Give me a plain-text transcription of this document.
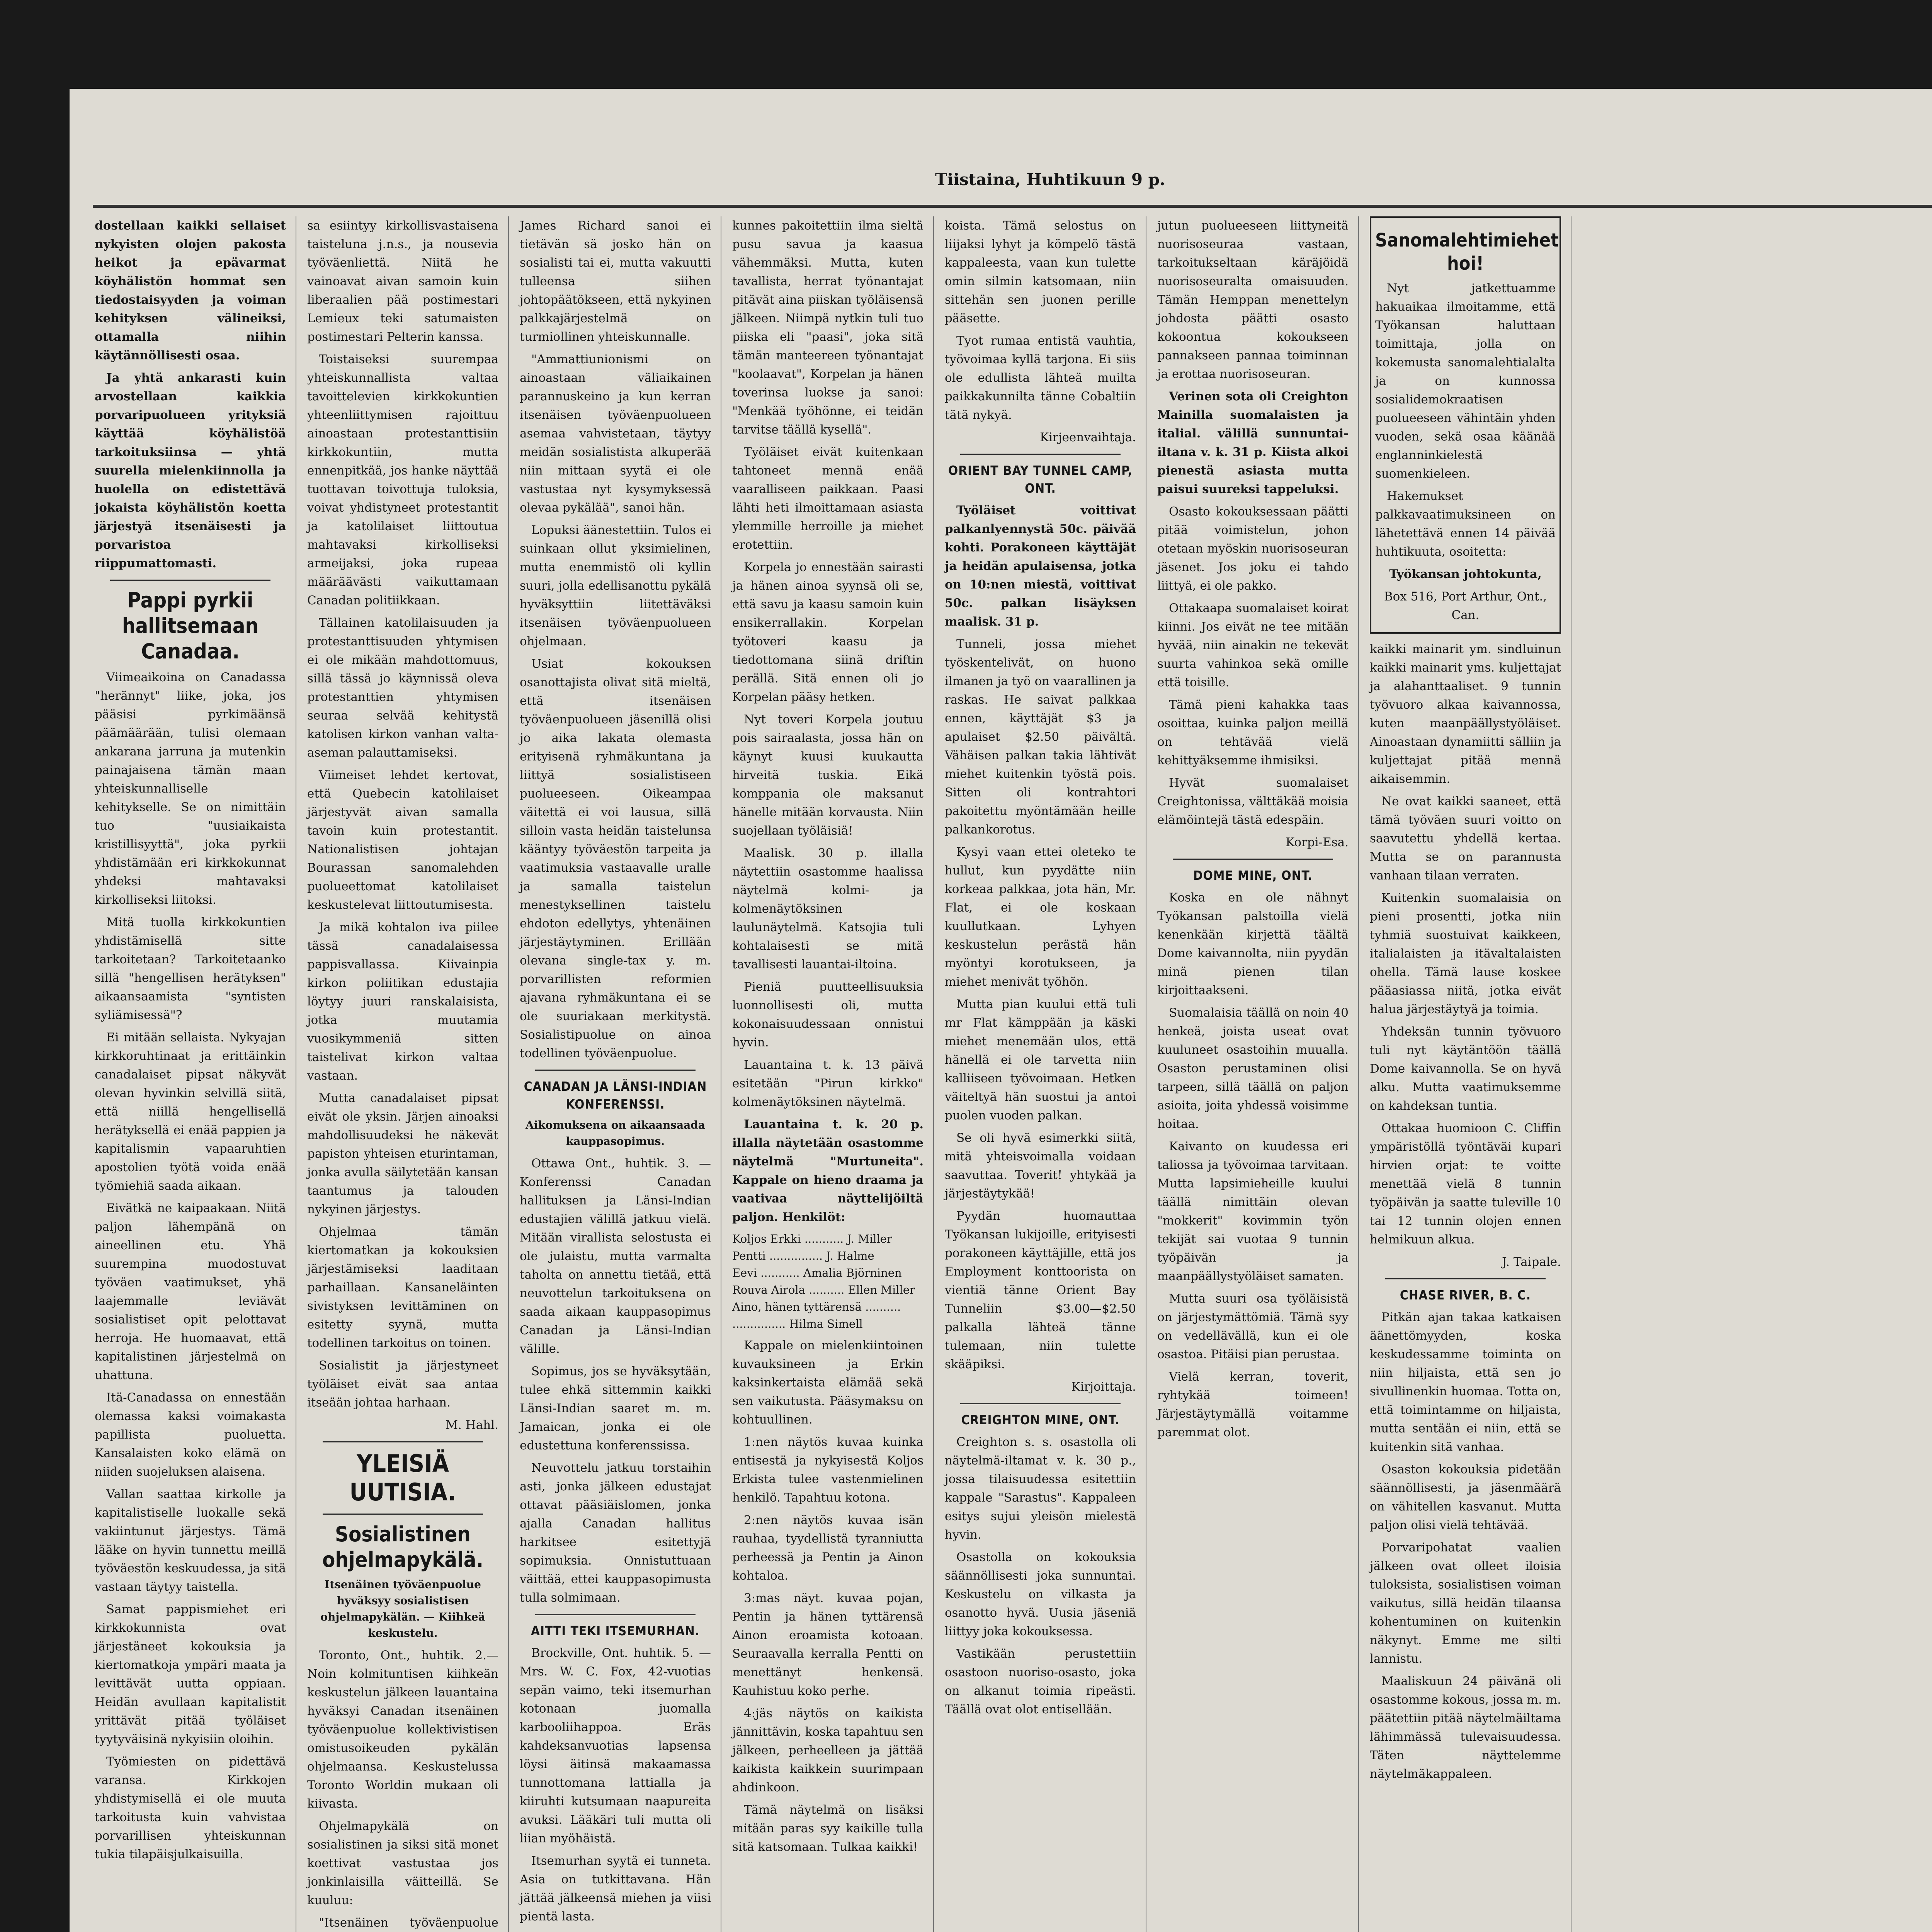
Tiistaina, Huhtikuun 9 p.

dostellaan kaikki sellaiset nykyisten olojen pakosta heikot ja epävarmat köyhälistön hommat sen tiedostaisyyden ja voiman kehityksen välineiksi, ottamalla niihin käytännöllisesti osaa.

Ja yhtä ankarasti kuin arvostellaan kaikkia porvaripuolueen yrityksiä käyttää köyhälistöä tarkoituksiinsa — yhtä suurella mielenkiinnolla ja huolella on edistettävä jokaista köyhälistön koetta järjestyä itsenäisesti ja porvaristoa riippumattomasti.

Pappi pyrkii hallitsemaan Canadaa.

Viimeaikoina on Canadassa "herännyt" liike, joka, jos pääsisi pyrkimäänsä päämäärään, tulisi olemaan ankarana jarruna ja mutenkin painajaisena tämän maan yhteiskunnalliselle kehitykselle. Se on nimittäin tuo "uusiaikaista kristillisyyttä", joka pyrkii yhdistämään eri kirkkokunnat yhdeksi mahtavaksi kirkolliseksi liitoksi.

Mitä tuolla kirkkokuntien yhdistämisellä sitte tarkoitetaan? Tarkoitetaanko sillä "hengellisen herätyksen" aikaansaamista "syntisten syliämisessä"?

Ei mitään sellaista. Nykyajan kirkkoruhtinaat ja erittäinkin canadalaiset pipsat näkyvät olevan hyvinkin selvillä siitä, että niillä hengellisellä herätyksellä ei enää pappien ja kapitalismin vapaaruhtien apostolien työtä voida enää työmiehiä saada aikaan.

Eivätkä ne kaipaakaan. Niitä paljon lähempänä on aineellinen etu. Yhä suurempina muodostuvat työväen vaatimukset, yhä laajemmalle leviävät sosialistiset opit pelottavat herroja. He huomaavat, että kapitalistinen järjestelmä on uhattuna.

Itä-Canadassa on ennestään olemassa kaksi voimakasta papillista puoluetta. Kansalaisten koko elämä on niiden suojeluksen alaisena.

Vallan saattaa kirkolle ja kapitalistiselle luokalle sekä vakiintunut järjestys. Tämä lääke on hyvin tunnettu meillä työväestön keskuudessa, ja sitä vastaan täytyy taistella.

Samat pappismiehet eri kirkkokunnista ovat järjestäneet kokouksia ja kiertomatkoja ympäri maata ja levittävät uutta oppiaan. Heidän avullaan kapitalistit yrittävät pitää työläiset tyytyväisinä nykyisiin oloihin.

Työmiesten on pidettävä varansa. Kirkkojen yhdistymisellä ei ole muuta tarkoitusta kuin vahvistaa porvarillisen yhteiskunnan tukia tilapäisjulkaisuilla.

sa esiintyy kirkollisvastaisena taisteluna j.n.s., ja nousevia työväenliettä. Niitä he vainoavat aivan samoin kuin liberaalien pää postimestari Lemieux teki satumaisten postimestari Pelterin kanssa.

Toistaiseksi suurempaa yhteiskunnallista valtaa tavoittelevien kirkkokuntien yhteenliittymisen rajoittuu ainoastaan protestanttisiin kirkkokuntiin, mutta ennenpitkää, jos hanke näyttää tuottavan toivottuja tuloksia, voivat yhdistyneet protestantit ja katolilaiset liittoutua mahtavaksi kirkolliseksi armeijaksi, joka rupeaa määräävästi vaikuttamaan Canadan politiikkaan.

Tällainen katolilaisuuden ja protestanttisuuden yhtymisen ei ole mikään mahdottomuus, sillä tässä jo käynnissä oleva protestanttien yhtymisen seuraa selvää kehitystä katolisen kirkon vanhan valta-aseman palauttamiseksi.

Viimeiset lehdet kertovat, että Quebecin katolilaiset järjestyvät aivan samalla tavoin kuin protestantit. Nationalistisen johtajan Bourassan sanomalehden puolueettomat katolilaiset keskustelevat liittoutumisesta.

Ja mikä kohtalon iva piilee tässä canadalaisessa pappisvallassa. Kiivainpia kirkon poliitikan edustajia löytyy juuri ranskalaisista, jotka muutamia vuosikymmeniä sitten taistelivat kirkon valtaa vastaan.

Mutta canadalaiset pipsat eivät ole yksin. Järjen ainoaksi mahdollisuudeksi he näkevät papiston yhteisen eturintaman, jonka avulla säilytetään kansan taantumus ja talouden nykyinen järjestys.

Ohjelmaa tämän kiertomatkan ja kokouksien järjestämiseksi laaditaan parhaillaan. Kansaneläinten sivistyksen levittäminen on esitetty syynä, mutta todellinen tarkoitus on toinen.

Sosialistit ja järjestyneet työläiset eivät saa antaa itseään johtaa harhaan.

M. Hahl.

YLEISIÄ UUTISIA.
Sosialistinen ohjelmapykälä.
Itsenäinen työväenpuolue hyväksyy sosialistisen ohjelmapykälän. — Kiihkeä keskustelu.

Toronto, Ont., huhtik. 2.—Noin kolmituntisen kiihkeän keskustelun jälkeen lauantaina hyväksyi Canadan itsenäinen työväenpuolue kollektivistisen omistusoikeuden pykälän ohjelmaansa. Keskustelussa Toronto Worldin mukaan oli kiivasta.

Ohjelmapykälä on sosialistinen ja siksi sitä monet koettivat vastustaa jos jonkinlaisilla väitteillä. Se kuuluu:

"Itsenäinen työväenpuolue

James Richard sanoi ei tietävän sä josko hän on sosialisti tai ei, mutta vakuutti tulleensa siihen johtopäätökseen, että nykyinen palkkajärjestelmä on turmiollinen yhteiskunnalle.

"Ammattiunionismi on ainoastaan väliaikainen parannuskeino ja kun kerran itsenäisen työväenpuolueen asemaa vahvistetaan, täytyy meidän sosialistista alkuperää niin mittaan syytä ei ole vastustaa nyt kysymyksessä olevaa pykälää", sanoi hän.

Lopuksi äänestettiin. Tulos ei suinkaan ollut yksimielinen, mutta enemmistö oli kyllin suuri, jolla edellisanottu pykälä hyväksyttiin liitettäväksi itsenäisen työväenpuolueen ohjelmaan.

Usiat kokouksen osanottajista olivat sitä mieltä, että itsenäisen työväenpuolueen jäsenillä olisi jo aika lakata olemasta erityisenä ryhmäkuntana ja liittyä sosialistiseen puolueeseen. Oikeampaa väitettä ei voi lausua, sillä silloin vasta heidän taistelunsa kääntyy työväestön tarpeita ja vaatimuksia vastaavalle uralle ja samalla taistelun menestyksellinen taistelu ehdoton edellytys, yhtenäinen järjestäytyminen. Erillään olevana single-tax y. m. porvarillisten reformien ajavana ryhmäkuntana ei se ole suuriakaan merkitystä. Sosialistipuolue on ainoa todellinen työväenpuolue.

CANADAN JA LÄNSI-INDIAN KONFERENSSI.
Aikomuksena on aikaansaada kauppasopimus.

Ottawa Ont., huhtik. 3. — Konferenssi Canadan hallituksen ja Länsi-Indian edustajien välillä jatkuu vielä. Mitään virallista selostusta ei ole julaistu, mutta varmalta taholta on annettu tietää, että neuvottelun tarkoituksena on saada aikaan kauppasopimus Canadan ja Länsi-Indian välille.

Sopimus, jos se hyväksytään, tulee ehkä sittemmin kaikki Länsi-Indian saaret m. m. Jamaican, jonka ei ole edustettuna konferenssissa.

Neuvottelu jatkuu torstaihin asti, jonka jälkeen edustajat ottavat pääsiäislomen, jonka ajalla Canadan hallitus harkitsee esitettyjä sopimuksia. Onnistuttuaan väittää, ettei kauppasopimusta tulla solmimaan.

AITTI TEKI ITSEMURHAN.

Brockville, Ont. huhtik. 5. — Mrs. W. C. Fox, 42-vuotias sepän vaimo, teki itsemurhan kotonaan juomalla karbooliihappoa. Eräs kahdeksanvuotias lapsensa löysi äitinsä makaamassa tunnottomana lattialla ja kiiruhti kutsumaan naapureita avuksi. Lääkäri tuli mutta oli liian myöhäistä.

Itsemurhan syytä ei tunneta. Asia on tutkittavana. Hän jättää jälkeensä miehen ja viisi pientä lasta.

kunnes pakoitettiin ilma sieltä pusu savua ja kaasua vähemmäksi. Mutta, kuten tavallista, herrat työnantajat pitävät aina piiskan työläisensä jälkeen. Niimpä nytkin tuli tuo piiska eli "paasi", joka sitä tämän manteereen työnantajat "koolaavat", Korpelan ja hänen toverinsa luokse ja sanoi: "Menkää työhönne, ei teidän tarvitse täällä kysellä".

Työläiset eivät kuitenkaan tahtoneet mennä enää vaaralliseen paikkaan. Paasi lähti heti ilmoittamaan asiasta ylemmille herroille ja miehet erotettiin.

Korpela jo ennestään sairasti ja hänen ainoa syynsä oli se, että savu ja kaasu samoin kuin ensikerrallakin. Korpelan työtoveri kaasu ja tiedottomana siinä driftin perällä. Sitä ennen oli jo Korpelan pääsy hetken.

Nyt toveri Korpela joutuu pois sairaalasta, jossa hän on käynyt kuusi kuukautta hirveitä tuskia. Eikä komppania ole maksanut hänelle mitään korvausta. Niin suojellaan työläisiä!

Maalisk. 30 p. illalla näytettiin osastomme haalissa näytelmä kolmi- ja kolmenäytöksinen laulunäytelmä. Katsojia tuli kohtalaisesti se mitä tavallisesti lauantai-iltoina.

Pieniä puutteellisuuksia luonnollisesti oli, mutta kokonaisuudessaan onnistui hyvin.

Lauantaina t. k. 13 päivä esitetään "Pirun kirkko" kolmenäytöksinen näytelmä.

Lauantaina t. k. 20 p. illalla näytetään osastomme näytelmä "Murtuneita". Kappale on hieno draama ja vaativaa näyttelijöiltä paljon. Henkilöt:

Koljos Erkki ........... J. Miller
Pentti ............... J. Halme
Eevi ........... Amalia Björninen
Rouva Airola .......... Ellen Miller
Aino, hänen tyttärensä ..........
............... Hilma Simell

Kappale on mielenkiintoinen kuvauksineen ja Erkin kaksinkertaista elämää sekä sen vaikutusta. Pääsymaksu on kohtuullinen.

1:nen näytös kuvaa kuinka entisestä ja nykyisestä Koljos Erkista tulee vastenmielinen henkilö. Tapahtuu kotona.

2:nen näytös kuvaa isän rauhaa, tyydellistä tyranniutta perheessä ja Pentin ja Ainon kohtaloa.

3:mas näyt. kuvaa pojan, Pentin ja hänen tyttärensä Ainon eroamista kotoaan. Seuraavalla kerralla Pentti on menettänyt henkensä. Kauhistuu koko perhe.

4:jäs näytös on kaikista jännittävin, koska tapahtuu sen jälkeen, perheelleen ja jättää kaikista kaikkein suurimpaan ahdinkoon.

Tämä näytelmä on lisäksi mitään paras syy kaikille tulla sitä katsomaan. Tulkaa kaikki!

koista. Tämä selostus on liijaksi lyhyt ja kömpelö tästä kappaleesta, vaan kun tulette omin silmin katsomaan, niin sittehän sen juonen perille pääsette.

Tyot rumaa entistä vauhtia, työvoimaa kyllä tarjona. Ei siis ole edullista lähteä muilta paikkakunnilta tänne Cobaltiin tätä nykyä.

Kirjeenvaihtaja.

ORIENT BAY TUNNEL CAMP, ONT.

Työläiset voittivat palkanlyennystä 50c. päivää kohti. Porakoneen käyttäjät ja heidän apulaisensa, jotka on 10:nen miestä, voittivat 50c. palkan lisäyksen maalisk. 31 p.

Tunneli, jossa miehet työskentelivät, on huono ilmanen ja työ on vaarallinen ja raskas. He saivat palkkaa ennen, käyttäjät $3 ja apulaiset $2.50 päivältä. Vähäisen palkan takia lähtivät miehet kuitenkin työstä pois. Sitten oli kontrahtori pakoitettu myöntämään heille palkankorotus.

Kysyi vaan ettei oleteko te hullut, kun pyydätte niin korkeaa palkkaa, jota hän, Mr. Flat, ei ole koskaan kuullutkaan. Lyhyen keskustelun perästä hän myöntyi korotukseen, ja miehet menivät työhön.

Mutta pian kuului että tuli mr Flat kämppään ja käski miehet menemään ulos, että hänellä ei ole tarvetta niin kalliiseen työvoimaan. Hetken väiteltyä hän suostui ja antoi puolen vuoden palkan.

Se oli hyvä esimerkki siitä, mitä yhteisvoimalla voidaan saavuttaa. Toverit! yhtykää ja järjestäytykää!

Pyydän huomauttaa Työkansan lukijoille, erityisesti porakoneen käyttäjille, että jos Employment konttoorista on vientiä tänne Orient Bay Tunneliin $3.00—$2.50 palkalla lähteä tänne tulemaan, niin tulette skääpiksi.

Kirjoittaja.

CREIGHTON MINE, ONT.

Creighton s. s. osastolla oli näytelmä-iltamat v. k. 30 p., jossa tilaisuudessa esitettiin kappale "Sarastus". Kappaleen esitys sujui yleisön mielestä hyvin.

Osastolla on kokouksia säännöllisesti joka sunnuntai. Keskustelu on vilkasta ja osanotto hyvä. Uusia jäseniä liittyy joka kokouksessa.

Vastikään perustettiin osastoon nuoriso-osasto, joka on alkanut toimia ripeästi. Täällä ovat olot entisellään.

jutun puolueeseen liittyneitä nuorisoseuraa vastaan, tarkoitukseltaan käräjöidä nuorisoseuralta omaisuuden. Tämän Hemppan menettelyn johdosta päätti osasto kokoontua kokoukseen pannakseen pannaa toiminnan ja erottaa nuorisoseuran.

Verinen sota oli Creighton Mainilla suomalaisten ja italial. välillä sunnuntai-iltana v. k. 31 p. Kiista alkoi pienestä asiasta mutta paisui suureksi tappeluksi.

Osasto kokouksessaan päätti pitää voimistelun, johon otetaan myöskin nuorisoseuran jäsenet. Jos joku ei tahdo liittyä, ei ole pakko.

Ottakaapa suomalaiset koirat kiinni. Jos eivät ne tee mitään hyvää, niin ainakin ne tekevät suurta vahinkoa sekä omille että toisille.

Tämä pieni kahakka taas osoittaa, kuinka paljon meillä on tehtävää vielä kehittyäksemme ihmisiksi.

Hyvät suomalaiset Creightonissa, välttäkää moisia elämöintejä tästä edespäin.

Korpi-Esa.

DOME MINE, ONT.

Koska en ole nähnyt Työkansan palstoilla vielä kenenkään kirjettä täältä Dome kaivannolta, niin pyydän minä pienen tilan kirjoittaakseni.

Suomalaisia täällä on noin 40 henkeä, joista useat ovat kuuluneet osastoihin muualla. Osaston perustaminen olisi tarpeen, sillä täällä on paljon asioita, joita yhdessä voisimme hoitaa.

Kaivanto on kuudessa eri taliossa ja työvoimaa tarvitaan. Mutta lapsimieheille kuului täällä nimittäin olevan "mokkerit" kovimmin työn tekijät sai vuotaa 9 tunnin työpäivän ja maanpäällystyöläiset samaten.

Mutta suuri osa työläisistä on järjestymättömiä. Tämä syy on vedellävällä, kun ei ole osastoa. Pitäisi pian perustaa.

Vielä kerran, toverit, ryhtykää toimeen! Järjestäytymällä voitamme paremmat olot.

Sanomalehtimiehet hoi!

Nyt jatkettuamme hakuaikaa ilmoitamme, että Työkansan haluttaan toimittaja, jolla on kokemusta sanomalehtialalta ja on kunnossa sosialidemokraatisen puolueeseen vähintäin yhden vuoden, sekä osaa käänää englanninkielestä suomenkieleen.

Hakemukset palkkavaatimuksineen on lähetettävä ennen 14 päivää huhtikuuta, osoitetta:

Työkansan johtokunta,

Box 516, Port Arthur, Ont., Can.

kaikki mainarit ym. sindluinun kaikki mainarit yms. kuljettajat ja alahanttaaliset. 9 tunnin työvuoro alkaa kaivannossa, kuten maanpäällystyöläiset. Ainoastaan dynamiitti sälliin ja kuljettajat pitää mennä aikaisemmin.

Ne ovat kaikki saaneet, että tämä työväen suuri voitto on saavutettu yhdellä kertaa. Mutta se on parannusta vanhaan tilaan verraten.

Kuitenkin suomalaisia on pieni prosentti, jotka niin tyhmiä suostuivat kaikkeen, italialaisten ja itävaltalaisten ohella. Tämä lause koskee pääasiassa niitä, jotka eivät halua järjestäytyä ja toimia.

Yhdeksän tunnin työvuoro tuli nyt käytäntöön täällä Dome kaivannolla. Se on hyvä alku. Mutta vaatimuksemme on kahdeksan tuntia.

Ottakaa huomioon C. Cliffin ympäristöllä työntäväi kupari hirvien orjat: te voitte menettää vielä 8 tunnin työpäivän ja saatte tuleville 10 tai 12 tunnin olojen ennen helmikuun alkua.

J. Taipale.

CHASE RIVER, B. C.

Pitkän ajan takaa katkaisen äänettömyyden, koska keskudessamme toiminta on niin hiljaista, että sen jo sivullinenkin huomaa. Totta on, että toimintamme on hiljaista, mutta sentään ei niin, että se kuitenkin sitä vanhaa.

Osaston kokouksia pidetään säännöllisesti, ja jäsenmäärä on vähitellen kasvanut. Mutta paljon olisi vielä tehtävää.

Porvaripohatat vaalien jälkeen ovat olleet iloisia tuloksista, sosialistisen voiman vaikutus, sillä heidän tilaansa kohentuminen on kuitenkin näkynyt. Emme me silti lannistu.

Maaliskuun 24 päivänä oli osastomme kokous, jossa m. m. päätettiin pitää näytelmäiltama lähimmässä tulevaisuudessa. Täten näyttelemme näytelmäkappaleen.
